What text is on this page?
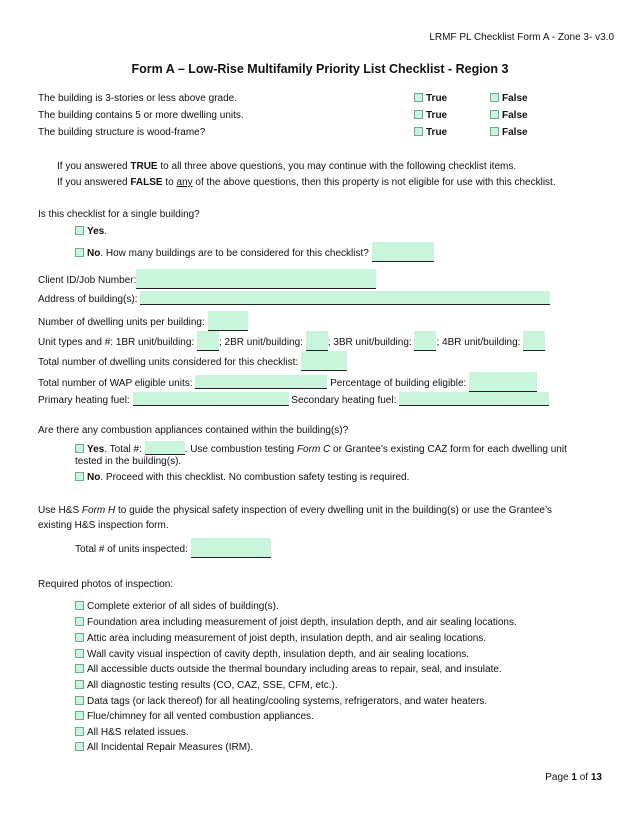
LRMF PL Checklist Form A - Zone 3- v3.0
Form A – Low-Rise Multifamily Priority List Checklist - Region 3
The building is 3-stories or less above grade.	True	False
The building contains 5 or more dwelling units.	True	False
The building structure is wood-frame?	True	False
If you answered TRUE to all three above questions, you may continue with the following checklist items.
If you answered FALSE to any of the above questions, then this property is not eligible for use with this checklist.
Is this checklist for a single building?
Yes.
No. How many buildings are to be considered for this checklist?
Client ID/Job Number:
Address of building(s):
Number of dwelling units per building:
Unit types and #: 1BR unit/building: ; 2BR unit/building: ; 3BR unit/building: ; 4BR unit/building:
Total number of dwelling units considered for this checklist:
Total number of WAP eligible units:	Percentage of building eligible:
Primary heating fuel:	Secondary heating fuel:
Are there any combustion appliances contained within the building(s)?
Yes. Total #:	. Use combustion testing Form C or Grantee’s existing CAZ form for each dwelling unit
tested in the building(s).
No. Proceed with this checklist. No combustion safety testing is required.
Use H&S Form H to guide the physical safety inspection of every dwelling unit in the building(s) or use the Grantee’s
existing H&S inspection form.
Total # of units inspected:
Required photos of inspection:
Complete exterior of all sides of building(s).
Foundation area including measurement of joist depth, insulation depth, and air sealing locations.
Attic area including measurement of joist depth, insulation depth, and air sealing locations.
Wall cavity visual inspection of cavity depth, insulation depth, and air sealing locations.
All accessible ducts outside the thermal boundary including areas to repair, seal, and insulate.
All diagnostic testing results (CO, CAZ, SSE, CFM, etc.).
Data tags (or lack thereof) for all heating/cooling systems, refrigerators, and water heaters.
Flue/chimney for all vented combustion appliances.
All H&S related issues.
All Incidental Repair Measures (IRM).
Page 1 of 13
